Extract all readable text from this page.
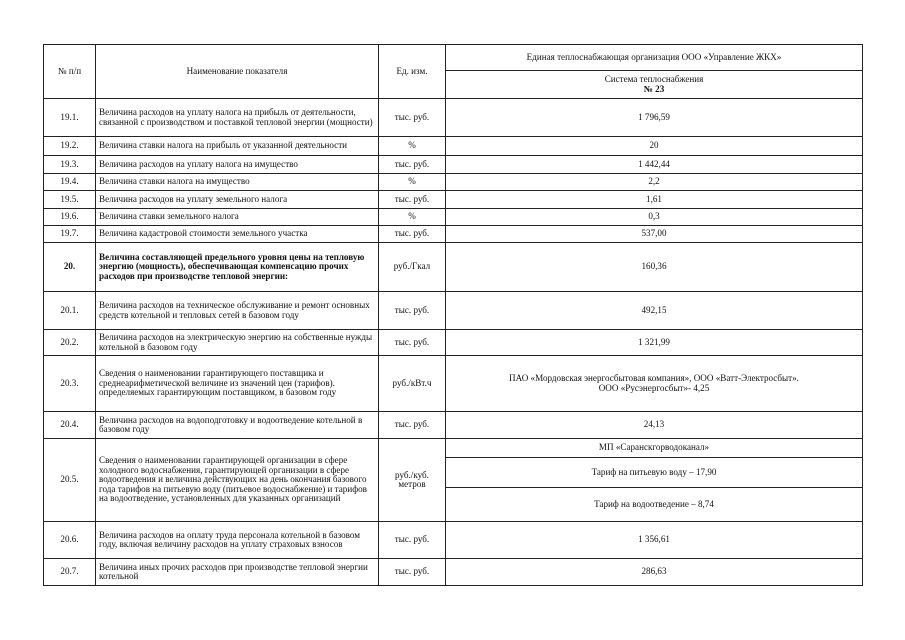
№ п/п	Наименование показателя	Ед. изм.	Единая теплоснабжающая организация ООО «Управление ЖКХ»

			Система теплоснабжения
№ 23

19.1.	Величина расходов на уплату налога на прибыль от деятельности, связанной с производством и поставкой тепловой энергии (мощности)	тыс. руб.	1 796,59
19.2.	Величина ставки налога на прибыль от указанной деятельности	%	20
19.3.	Величина расходов на уплату налога на имущество	тыс. руб.	1 442,44
19.4.	Величина ставки налога на имущество	%	2,2
19.5.	Величина расходов на уплату земельного налога	тыс. руб.	1,61
19.6.	Величина ставки земельного налога	%	0,3
19.7.	Величина кадастровой стоимости земельного участка	тыс. руб.	537,00
20.	Величина составляющей предельного уровня цены на тепловую энергию (мощность), обеспечивающая компенсацию прочих расходов при производстве тепловой энергии:	руб./Гкал	160,36
20.1.	Величина расходов на техническое обслуживание и ремонт основных средств котельной и тепловых сетей в базовом году	тыс. руб.	492,15
20.2.	Величина расходов на электрическую энергию на собственные нужды котельной в базовом году	тыс. руб.	1 321,99
20.3.	Сведения о наименовании гарантирующего поставщика и среднеарифметической величине из значений цен (тарифов). определяемых гарантирующим поставщиком, в базовом году	руб./кВт.ч	ПАО «Мордовская энергосбытовая компания», ООО «Ватт-Электросбыт».
ООО «Русэнергосбыт»- 4,25

20.4.	Величина расходов на водоподготовку и водоотведение котельной в базовом году	тыс. руб.	24,13
20.5.	Сведения о наименовании гарантирующей организации в сфере холодного водоснабжения, гарантирующей организации в сфере водоотведения и величина действующих на день окончания базового года тарифов на питьевую воду (питьевое водоснабжение) и тарифов на водоотведение, установленных для указанных организаций	руб./куб. метров	МП «Саранскгорводоканал»
			Тариф на питьевую воду – 17,90
			Тариф на водоотведение – 8,74
20.6.	Величина расходов на оплату труда персонала котельной в базовом году, включая величину расходов на уплату страховых взносов	тыс. руб.	1 356,61
20.7.	Величина иных прочих расходов при производстве тепловой энергии котельной	тыс. руб.	286,63
